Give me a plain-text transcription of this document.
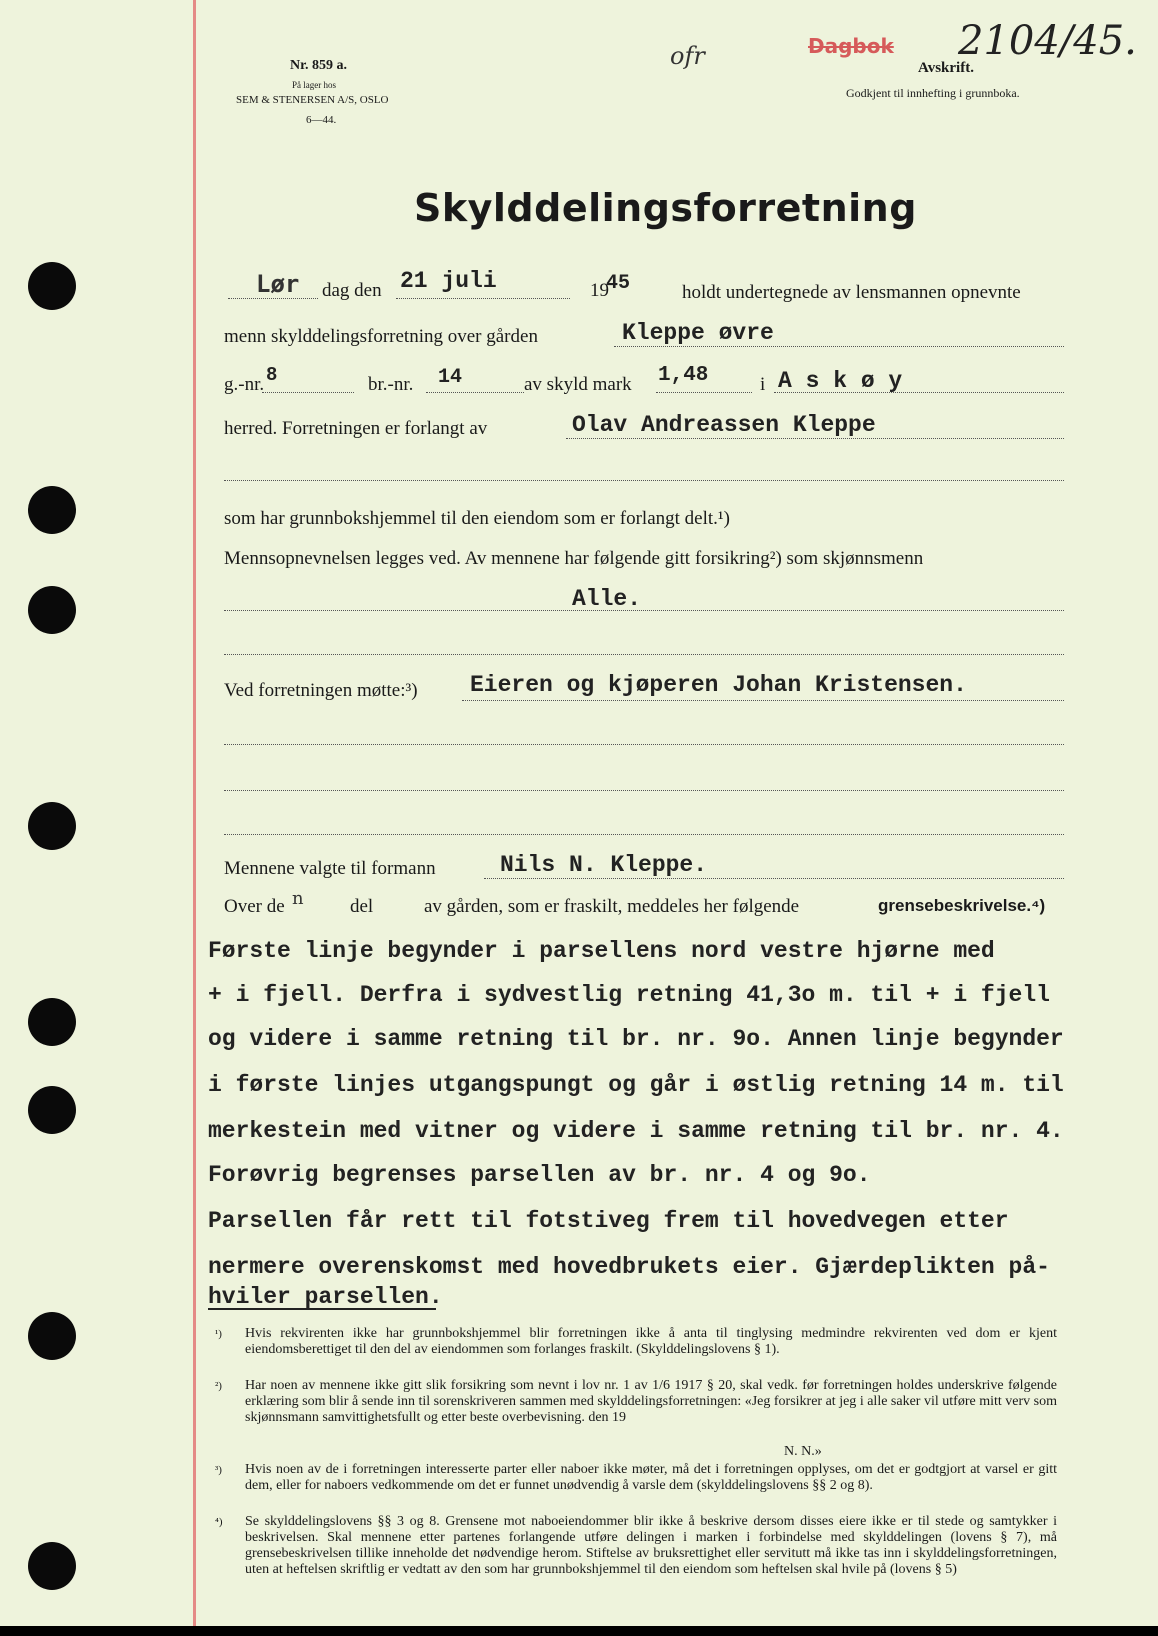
Nr. 859 a.
På lager hos
SEM & STENERSEN A/S, OSLO
6—44.
ofr	Dagbok 2104/45.
Avskrift.
Godkjent til innhefting i grunnboka.
Skylddelingsforretning
Lør dag den 21 juli	19
45	holdt undertegnede av lensmannen opnevnte
menn skylddelingsforretning over gården	Kleppe øvre
g.-nr. 8	br.-nr. 14	av skyld mark 1,48	i A s k ø y
herred. Forretningen er forlangt av	Olav Andreassen Kleppe
som har grunnbokshjemmel til den eiendom som er forlangt delt.¹)
Mennsopnevnelsen legges ved. Av mennene har følgende gitt forsikring²) som skjønnsmenn
Alle.
Ved forretningen møtte:³) Eieren og kjøperen Johan Kristensen.
Mennene valgte til formann	Nils N. Kleppe.
Over de n del	av gården, som er fraskilt, meddeles her følgende	grensebeskrivelse.⁴)
Første linje begynder i parsellens nord vestre hjørne med
+ i fjell. Derfra i sydvestlig retning 41,3o m. til + i fjell
og videre i samme retning til br. nr. 9o. Annen linje begynder
i første linjes utgangspungt og går i østlig retning 14 m. til
merkestein med vitner og videre i samme retning til br. nr. 4.
Forøvrig begrenses parsellen av br. nr. 4 og 9o.
Parsellen får rett til fotstiveg frem til hovedvegen etter
nermere overenskomst med hovedbrukets eier. Gjærdeplikten på-
hviler parsellen.
¹) Hvis rekvirenten ikke har grunnbokshjemmel blir forretningen ikke å anta til tinglysing medmindre rekvirenten ved dom er kjent eiendomsberettiget til den del av eiendommen som forlanges fraskilt. (Skylddelingslovens § 1).
²) Har noen av mennene ikke gitt slik forsikring som nevnt i lov nr. 1 av 1/6 1917 § 20, skal vedk. før forretningen holdes underskrive følgende erklæring som blir å sende inn til sorenskriveren sammen med skylddelingsforretningen: «Jeg forsikrer at jeg i alle saker vil utføre mitt verv som skjønnsmann samvittighetsfullt og etter beste overbevisning. den 19
N. N.»
³) Hvis noen av de i forretningen interesserte parter eller naboer ikke møter, må det i forretningen opplyses, om det er godtgjort at varsel er gitt dem, eller for naboers vedkommende om det er funnet unødvendig å varsle dem (skylddelingslovens §§ 2 og 8).
⁴) Se skylddelingslovens §§ 3 og 8. Grensene mot naboeiendommer blir ikke å beskrive dersom disses eiere ikke er til stede og samtykker i beskrivelsen. Skal mennene etter partenes forlangende utføre delingen i marken i forbindelse med skylddelingen (lovens § 7), må grensebeskrivelsen tillike inneholde det nødvendige herom. Stiftelse av bruksrettighet eller servitutt må ikke tas inn i skylddelingsforretningen, uten at heftelsen skriftlig er vedtatt av den som har grunnbokshjemmel til den eiendom som heftelsen skal hvile på (lovens § 5)
